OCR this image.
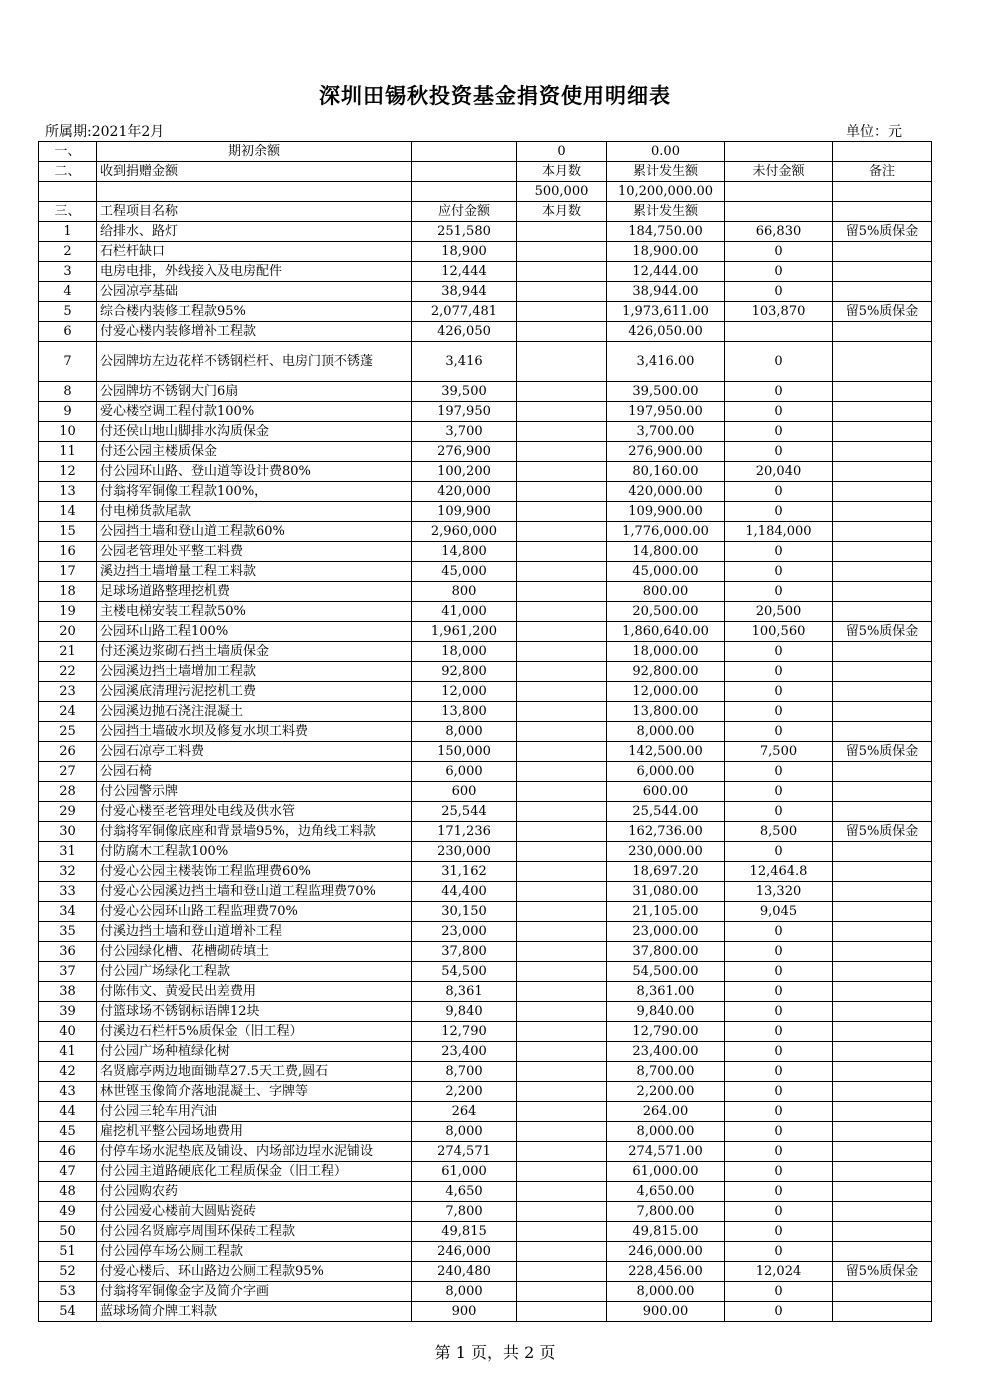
深圳田锡秋投资基金捐资使用明细表
所属期:2021年2月	单位：元
一、	期初余额		0	0.00		
二、	收到捐赠金额		本月数	累计发生额	未付金额	备注
			500,000	10,200,000.00		
三、	工程项目名称	应付金额	本月数	累计发生额		
1	给排水、路灯	251,580		184,750.00	66,830	留5%质保金
2	石栏杆缺口	18,900		18,900.00	0	
3	电房电排，外线接入及电房配件	12,444		12,444.00	0	
4	公园凉亭基础	38,944		38,944.00	0	
5	综合楼内装修工程款95%	2,077,481		1,973,611.00	103,870	留5%质保金
6	付爱心楼内装修增补工程款	426,050		426,050.00		
7	公园牌坊左边花样不锈钢栏杆、电房门顶不锈蓬	3,416		3,416.00	0	
8	公园牌坊不锈钢大门6扇	39,500		39,500.00	0	
9	爱心楼空调工程付款100%	197,950		197,950.00	0	
10	付还侯山地山脚排水沟质保金	3,700		3,700.00	0	
11	付还公园主楼质保金	276,900		276,900.00	0	
12	付公园环山路、登山道等设计费80%	100,200		80,160.00	20,040	
13	付翁将军铜像工程款100%，	420,000		420,000.00	0	
14	付电梯货款尾款	109,900		109,900.00	0	
15	公园挡土墙和登山道工程款60%	2,960,000		1,776,000.00	1,184,000	
16	公园老管理处平整工料费	14,800		14,800.00	0	
17	溪边挡土墙增量工程工料款	45,000		45,000.00	0	
18	足球场道路整理挖机费	800		800.00	0	
19	主楼电梯安装工程款50%	41,000		20,500.00	20,500	
20	公园环山路工程100%	1,961,200		1,860,640.00	100,560	留5%质保金
21	付还溪边浆砌石挡土墙质保金	18,000		18,000.00	0	
22	公园溪边挡土墙增加工程款	92,800		92,800.00	0	
23	公园溪底清理污泥挖机工费	12,000		12,000.00	0	
24	公园溪边抛石浇注混凝土	13,800		13,800.00	0	
25	公园挡土墙破水坝及修复水坝工料费	8,000		8,000.00	0	
26	公园石凉亭工料费	150,000		142,500.00	7,500	留5%质保金
27	公园石椅	6,000		6,000.00	0	
28	付公园警示牌	600		600.00	0	
29	付爱心楼至老管理处电线及供水管	25,544		25,544.00	0	
30	付翁将军铜像底座和背景墙95%，边角线工料款	171,236		162,736.00	8,500	留5%质保金
31	付防腐木工程款100%	230,000		230,000.00	0	
32	付爱心公园主楼装饰工程监理费60%	31,162		18,697.20	12,464.8	
33	付爱心公园溪边挡土墙和登山道工程监理费70%	44,400		31,080.00	13,320	
34	付爱心公园环山路工程监理费70%	30,150		21,105.00	9,045	
35	付溪边挡土墙和登山道增补工程	23,000		23,000.00	0	
36	付公园绿化槽、花槽砌砖填土	37,800		37,800.00	0	
37	付公园广场绿化工程款	54,500		54,500.00	0	
38	付陈伟文、黄爱民出差费用	8,361		8,361.00	0	
39	付篮球场不锈钢标语牌12块	9,840		9,840.00	0	
40	付溪边石栏杆5%质保金（旧工程）	12,790		12,790.00	0	
41	付公园广场种植绿化树	23,400		23,400.00	0	
42	名贤廊亭两边地面锄草27.5天工费,圆石	8,700		8,700.00	0	
43	林世铿玉像简介落地混凝土、字牌等	2,200		2,200.00	0	
44	付公园三轮车用汽油	264		264.00	0	
45	雇挖机平整公园场地费用	8,000		8,000.00	0	
46	付停车场水泥垫底及铺设、内场部边埕水泥铺设	274,571		274,571.00	0	
47	付公园主道路硬底化工程质保金（旧工程）	61,000		61,000.00	0	
48	付公园购农药	4,650		4,650.00	0	
49	付公园爱心楼前大圆贴瓷砖	7,800		7,800.00	0	
50	付公园名贤廊亭周围环保砖工程款	49,815		49,815.00	0	
51	付公园停车场公厕工程款	246,000		246,000.00	0	
52	付爱心楼后、环山路边公厕工程款95%	240,480		228,456.00	12,024	留5%质保金
53	付翁将军铜像金字及简介字画	8,000		8,000.00	0	
54	蓝球场简介牌工料款	900		900.00	0	
第 1 页，共 2 页
